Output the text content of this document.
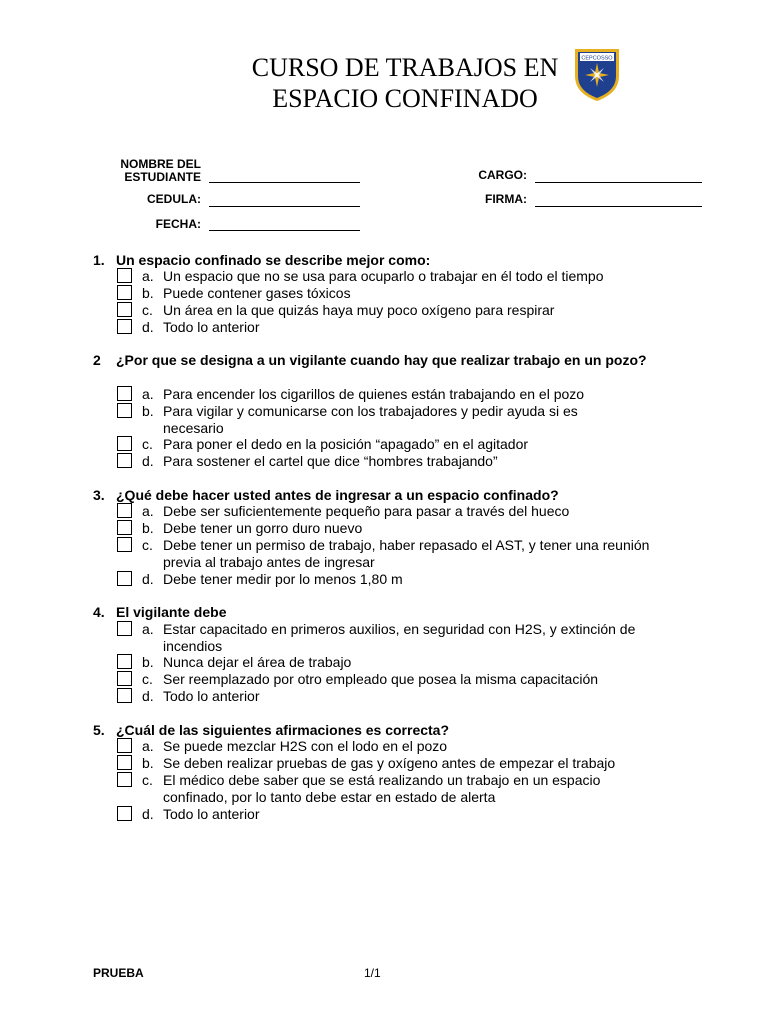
CURSO DE TRABAJOS EN
ESPACIO CONFINADO
CEPCOSSO
NOMBRE DEL ESTUDIANTE
CEDULA:
FECHA:
CARGO:
FIRMA:
1. Un espacio confinado se describe mejor como:
a. Un espacio que no se usa para ocuparlo o trabajar en él todo el tiempo
b. Puede contener gases tóxicos
c. Un área en la que quizás haya muy poco oxígeno para respirar
d. Todo lo anterior
2 ¿Por que se designa a un vigilante cuando hay que realizar trabajo en un pozo?
a. Para encender los cigarillos de quienes están trabajando en el pozo
b. Para vigilar y comunicarse con los trabajadores y pedir ayuda si es necesario
c. Para poner el dedo en la posición “apagado” en el agitador
d. Para sostener el cartel que dice “hombres trabajando”
3. ¿Qué debe hacer usted antes de ingresar a un espacio confinado?
a. Debe ser suficientemente pequeño para pasar a través del hueco
b. Debe tener un gorro duro nuevo
c. Debe tener un permiso de trabajo, haber repasado el AST, y tener una reunión previa al trabajo antes de ingresar
d. Debe tener medir por lo menos 1,80 m
4. El vigilante debe
a. Estar capacitado en primeros auxilios, en seguridad con H2S, y extinción de incendios
b. Nunca dejar el área de trabajo
c. Ser reemplazado por otro empleado que posea la misma capacitación
d. Todo lo anterior
5. ¿Cuál de las siguientes afirmaciones es correcta?
a. Se puede mezclar H2S con el lodo en el pozo
b. Se deben realizar pruebas de gas y oxígeno antes de empezar el trabajo
c. El médico debe saber que se está realizando un trabajo en un espacio confinado, por lo tanto debe estar en estado de alerta
d. Todo lo anterior
PRUEBA	1/1
